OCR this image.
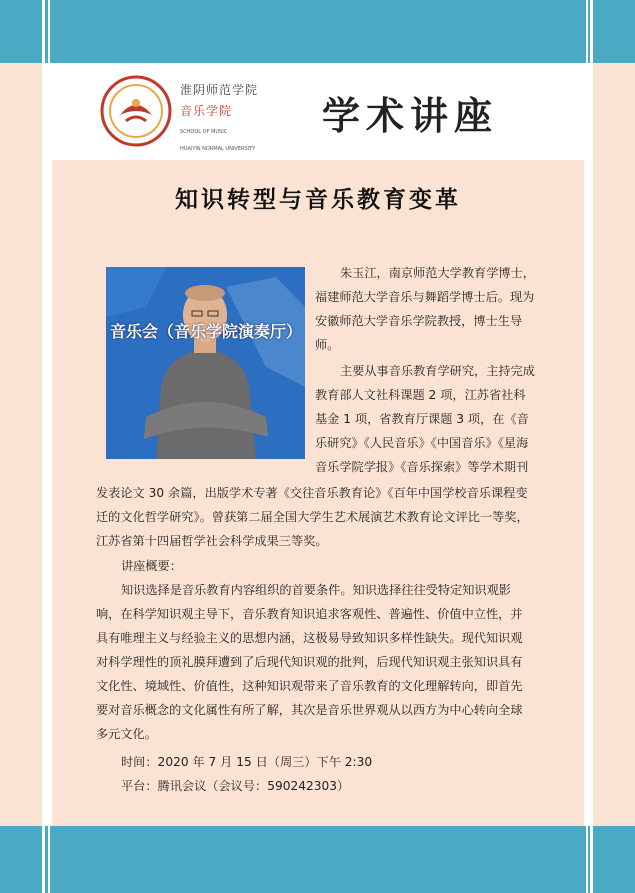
淮阴师范学院
音乐学院
SCHOOL OF MUSIC
HUAIYIN NORMAL UNIVERSITY
学术讲座
知识转型与音乐教育变革
音乐会（音乐学院演奏厅）
朱玉江，南京师范大学教育学博士，
福建师范大学音乐与舞蹈学博士后。现为
安徽师范大学音乐学院教授，博士生导
师。
主要从事音乐教育学研究，主持完成
教育部人文社科课题 2 项，江苏省社科
基金 1 项，省教育厅课题 3 项，在《音
乐研究》《人民音乐》《中国音乐》《星海
音乐学院学报》《音乐探索》等学术期刊
发表论文 30 余篇，出版学术专著《交往音乐教育论》《百年中国学校音乐课程变
迁的文化哲学研究》。曾获第二届全国大学生艺术展演艺术教育论文评比一等奖，
江苏省第十四届哲学社会科学成果三等奖。
讲座概要：
知识选择是音乐教育内容组织的首要条件。知识选择往往受特定知识观影
响，在科学知识观主导下，音乐教育知识追求客观性、普遍性、价值中立性，并
具有唯理主义与经验主义的思想内涵，这极易导致知识多样性缺失。现代知识观
对科学理性的顶礼膜拜遭到了后现代知识观的批判，后现代知识观主张知识具有
文化性、境域性、价值性，这种知识观带来了音乐教育的文化理解转向，即首先
要对音乐概念的文化属性有所了解，其次是音乐世界观从以西方为中心转向全球
多元文化。
时间：2020 年 7 月 15 日（周三）下午 2:30
平台：腾讯会议（会议号：590242303）
